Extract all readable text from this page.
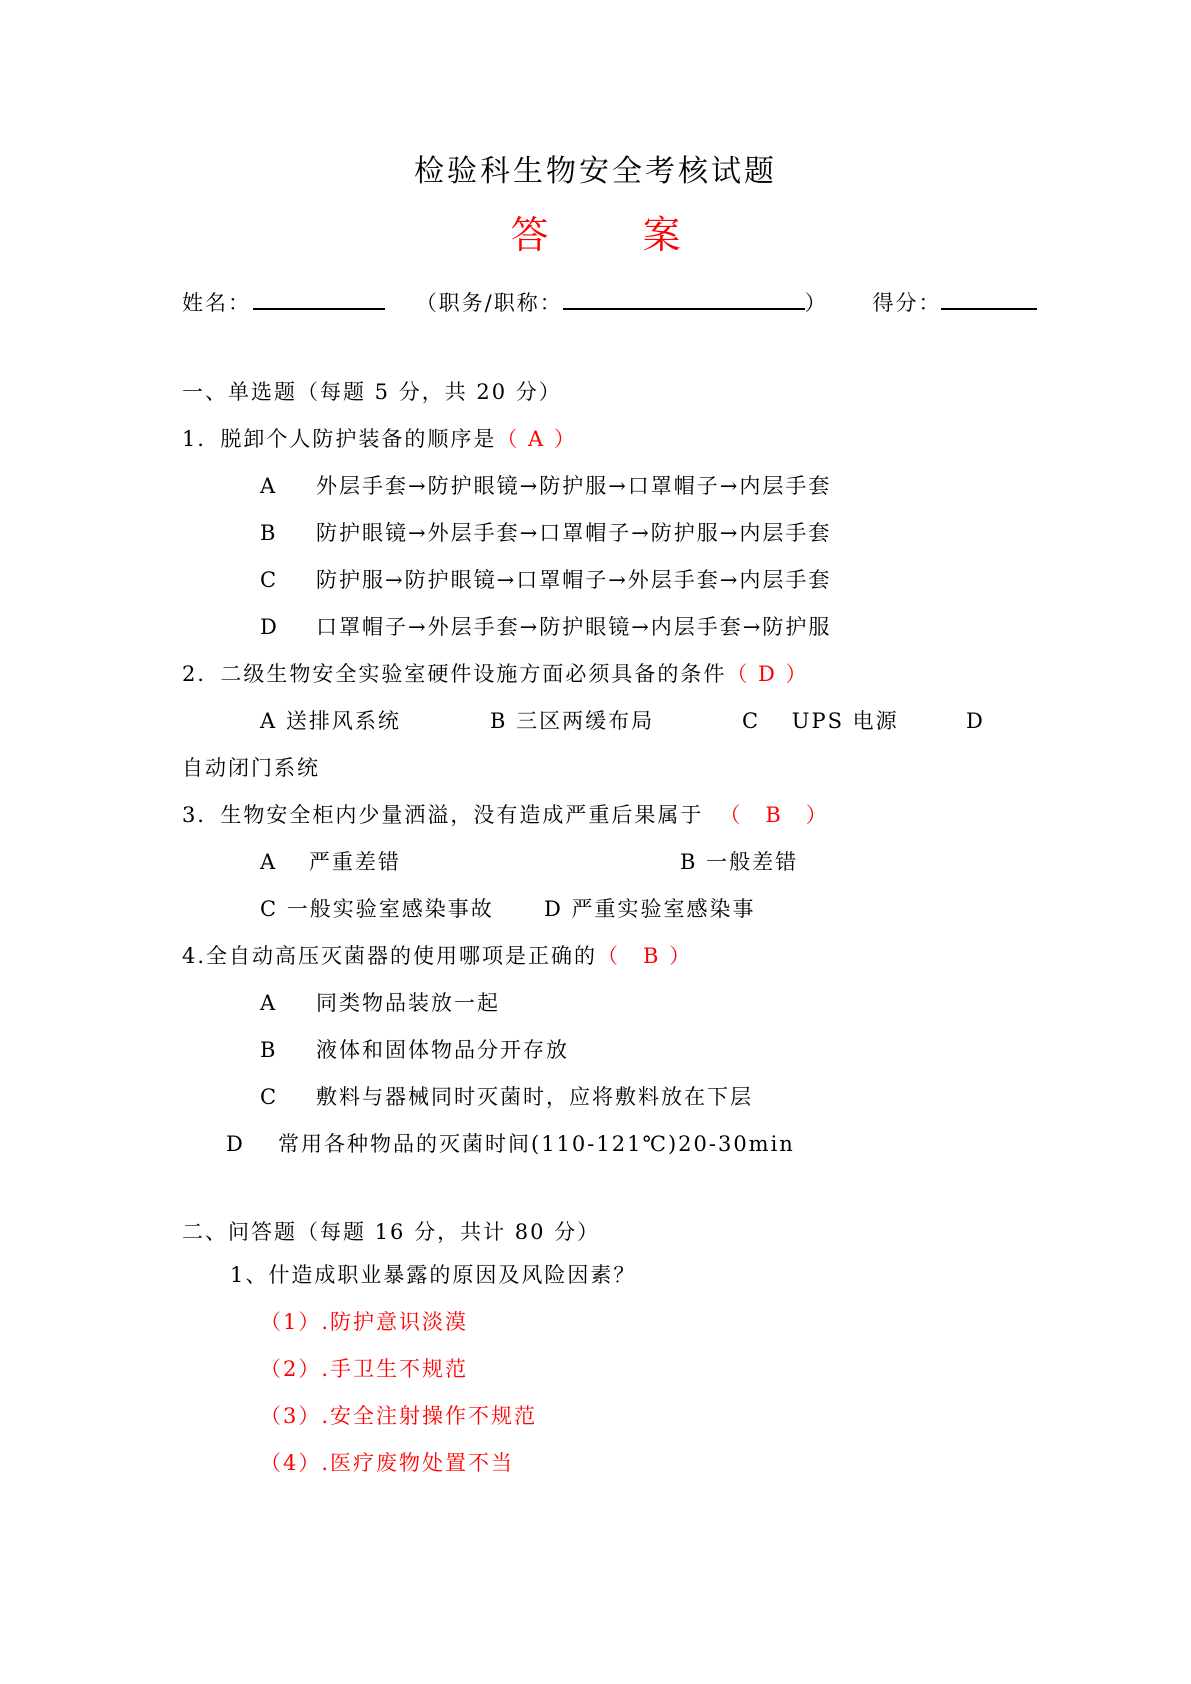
检验科生物安全考核试题
答　案
姓名：	（职务/职称：	） 得分：
一、单选题（每题 5 分，共 20 分）
1．脱卸个人防护装备的顺序是（ A ）
A 外层手套→防护眼镜→防护服→口罩帽子→内层手套
B 防护眼镜→外层手套→口罩帽子→防护服→内层手套
C 防护服→防护眼镜→口罩帽子→外层手套→内层手套
D 口罩帽子→外层手套→防护眼镜→内层手套→防护服
2．二级生物安全实验室硬件设施方面必须具备的条件（ D ）
A 送排风系统	B 三区两缓布局	C　 UPS 电源	D
自动闭门系统
3．生物安全柜内少量洒溢，没有造成严重后果属于 （　B　）
A　 严重差错	B 一般差错
C 一般实验室感染事故 D 严重实验室感染事
4.全自动高压灭菌器的使用哪项是正确的（　B ）
A 同类物品装放一起
B 液体和固体物品分开存放
C 敷料与器械同时灭菌时，应将敷料放在下层
D 常用各种物品的灭菌时间(110-121℃)20-30min
二、问答题（每题 16 分，共计 80 分）
1、什造成职业暴露的原因及风险因素？
（1）.防护意识淡漠
（2）.手卫生不规范
（3）.安全注射操作不规范
（4）.医疗废物处置不当
